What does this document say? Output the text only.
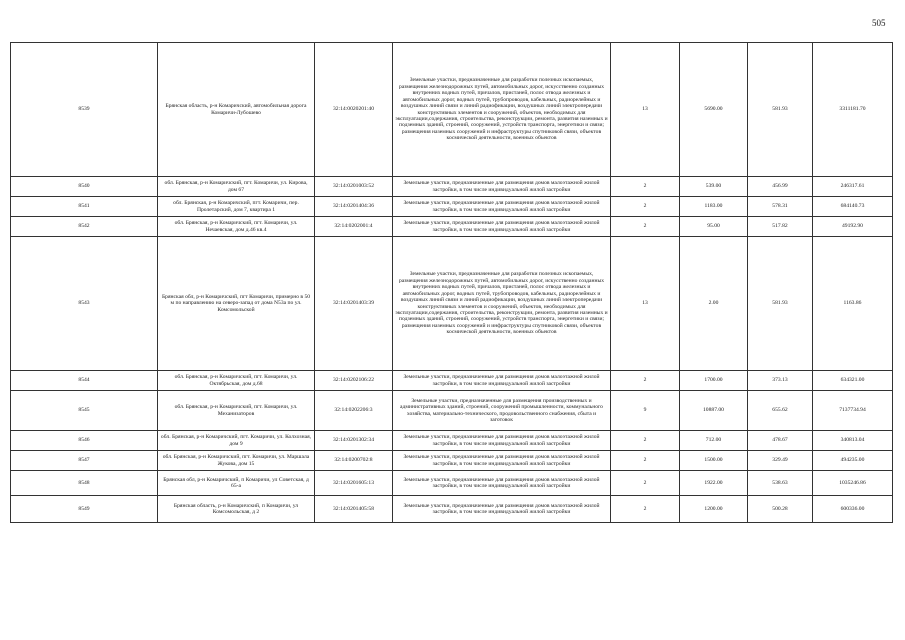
505
8539	Брянская область, р-н Комаричский, автомобильная дорога Комаричи-Лубошево	32:14:0020201:40	Земельные участки, предназначенные для разработки полезных ископаемых, размещения железнодорожных путей, автомобильных дорог, искусственно созданных внутренних водных путей, причалов, пристаней, полос отвода железных и автомобильных дорог, водных путей, трубопроводов, кабельных, радиорелейных и воздушных линий связи и линий радиофикации, воздушных линий электропередачи конструктивных элементов и сооружений, объектов, необходимых для эксплуатации,содержания, строительства, реконструкции, ремонта, развития наземных и подземных зданий, строений, сооружений, устройств транспорта, энергетики и связи; размещения наземных сооружений и инфраструктуры спутниковой связи, объектов космической деятельности, военных объектов	13	5690.00	581.93	3311181.70
8540	обл. Брянская, р-н Комаричский, пгт. Комаричи, ул. Кирова, дом 67	32:14:0201003:52	Земельные участки, предназначенные для размещения домов малоэтажной жилой застройки, в том числе индивидуальной жилой застройки	2	539.00	456.99	246317.61
8541	обл. Брянская, р-н Комаричский, пгт. Комаричи, пер. Пролетарский, дом 7, квартира 1	32:14:0201404:36	Земельные участки, предназначенные для размещения домов малоэтажной жилой застройки, в том числе индивидуальной жилой застройки	2	1183.00	578.31	684140.73
8542	обл. Брянская, р-н Комаричский, пгт. Комаричи, ул. Нечаевская, дом д.46 кв.4	32:14:0202001:4	Земельные участки, предназначенные для размещения домов малоэтажной жилой застройки, в том числе индивидуальной жилой застройки	2	95.00	517.82	49192.90
8543	Брянская обл, р-н Комаричский, пгт Комаричи, примерно в 50 м по направлению на северо-запад от дома N53а по ул. Комсомольской	32:14:0201403:39	Земельные участки, предназначенные для разработки полезных ископаемых, размещения железнодорожных путей, автомобильных дорог, искусственно созданных внутренних водных путей, причалов, пристаней, полос отвода железных и автомобильных дорог, водных путей, трубопроводов, кабельных, радиорелейных и воздушных линий связи и линий радиофикации, воздушных линий электропередачи конструктивных элементов и сооружений, объектов, необходимых для эксплуатации,содержания, строительства, реконструкции, ремонта, развития наземных и подземных зданий, строений, сооружений, устройств транспорта, энергетики и связи; размещения наземных сооружений и инфраструктуры спутниковой связи, объектов космической деятельности, военных объектов	13	2.00	581.93	1163.86
8544	обл. Брянская, р-н Комаричский, пгт. Комаричи, ул. Октябрьская, дом д.68	32:14:0202106:22	Земельные участки, предназначенные для размещения домов малоэтажной жилой застройки, в том числе индивидуальной жилой застройки	2	1700.00	373.13	634321.00
8545	обл. Брянская, р-н Комаричский, пгт. Комаричи, ул. Механизаторов	32:14:0202206:3	Земельные участки, предназначенные для размещения производственных и административных зданий, строений, сооружений промышленности, коммунального хозяйства, материально-технического, продовольственного снабжения, сбыта и заготовок	9	10887.00	655.62	7137734.94
8546	обл. Брянская, р-н Комаричский, пгт. Комаричи, ул. Колхозная, дом 9	32:14:0201302:34	Земельные участки, предназначенные для размещения домов малоэтажной жилой застройки, в том числе индивидуальной жилой застройки	2	712.00	478.67	340813.04
8547	обл. Брянская, р-н Комаричский, пгт. Комаричи, ул. Маршала Жукова, дом 15	32:14:0200702:8	Земельные участки, предназначенные для размещения домов малоэтажной жилой застройки, в том числе индивидуальной жилой застройки	2	1500.00	329.49	494235.00
8548	Брянская обл, р-н Комаричский, п Комаричи, ул Советская, д 65-а	32:14:0201605:13	Земельные участки, предназначенные для размещения домов малоэтажной жилой застройки, в том числе индивидуальной жилой застройки	2	1922.00	538.63	1035246.86
8549	Брянская область, р-н Комаричский, п Комаричи, ул Комсомольская, д 2	32:14:0201405:58	Земельные участки, предназначенные для размещения домов малоэтажной жилой застройки, в том числе индивидуальной жилой застройки	2	1200.00	500.28	600336.00
